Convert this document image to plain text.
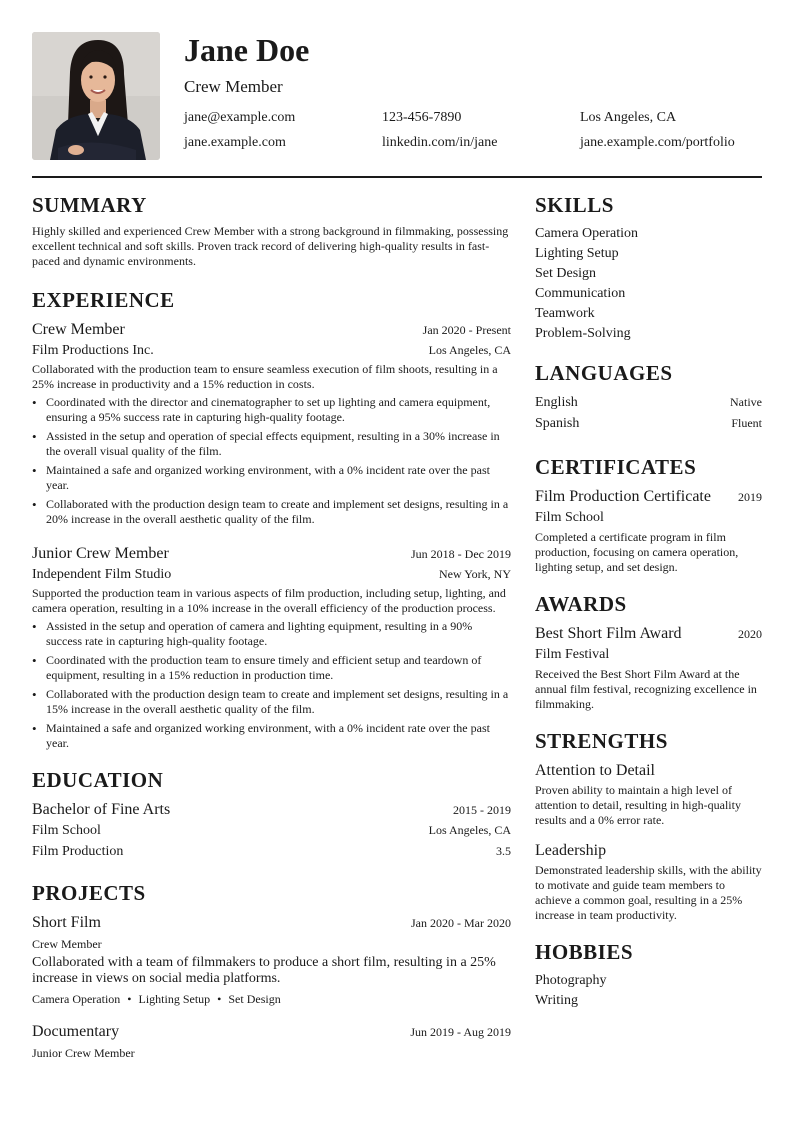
Jane Doe
Crew Member
jane@example.com	123-456-7890	Los Angeles, CA
jane.example.com	linkedin.com/in/jane	jane.example.com/portfolio
SUMMARY

Highly skilled and experienced Crew Member with a strong background in filmmaking, possessing excellent technical and soft skills. Proven track record of delivering high-quality results in fast-paced and dynamic environments.

EXPERIENCE
Crew Member	Jan 2020 - Present
Film Productions Inc.	Los Angeles, CA

Collaborated with the production team to ensure seamless execution of film shoots, resulting in a 25% increase in productivity and a 15% reduction in costs.

• Coordinated with the director and cinematographer to set up lighting and camera equipment, ensuring a 95% success rate in capturing high-quality footage.
• Assisted in the setup and operation of special effects equipment, resulting in a 30% increase in the overall visual quality of the film.
• Maintained a safe and organized working environment, with a 0% incident rate over the past year.
• Collaborated with the production design team to create and implement set designs, resulting in a 20% increase in the overall aesthetic quality of the film.
Junior Crew Member	Jun 2018 - Dec 2019
Independent Film Studio	New York, NY

Supported the production team in various aspects of film production, including setup, lighting, and camera operation, resulting in a 10% increase in the overall efficiency of the production process.

• Assisted in the setup and operation of camera and lighting equipment, resulting in a 90% success rate in capturing high-quality footage.
• Coordinated with the production team to ensure timely and efficient setup and teardown of equipment, resulting in a 15% reduction in production time.
• Collaborated with the production design team to create and implement set designs, resulting in a 15% increase in the overall aesthetic quality of the film.
• Maintained a safe and organized working environment, with a 0% incident rate over the past year.
EDUCATION
Bachelor of Fine Arts	2015 - 2019
Film School	Los Angeles, CA
Film Production	3.5
PROJECTS
Short Film	Jan 2020 - Mar 2020
Crew Member
Collaborated with a team of filmmakers to produce a short film, resulting in a 25% increase in views on social media platforms.
Camera Operation • Lighting Setup • Set Design
Documentary	Jun 2019 - Aug 2019
Junior Crew Member
SKILLS
Camera Operation
Lighting Setup
Set Design
Communication
Teamwork
Problem-Solving
LANGUAGES
English	Native
Spanish	Fluent
CERTIFICATES
Film Production Certificate 2019
Film School
Completed a certificate program in film production, focusing on camera operation, lighting setup, and set design.
AWARDS
Best Short Film Award	2020
Film Festival
Received the Best Short Film Award at the annual film festival, recognizing excellence in filmmaking.
STRENGTHS
Attention to Detail
Proven ability to maintain a high level of attention to detail, resulting in high-quality results and a 0% error rate.
Leadership
Demonstrated leadership skills, with the ability to motivate and guide team members to achieve a common goal, resulting in a 25% increase in team productivity.
HOBBIES
Photography
Writing
